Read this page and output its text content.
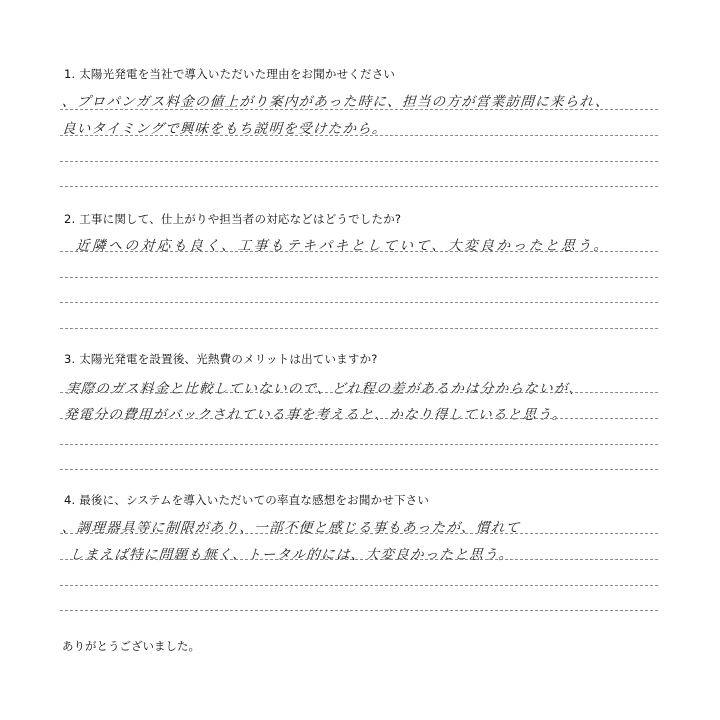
1. 太陽光発電を当社で導入いただいた理由をお聞かせください
、プロパンガス料金の値上がり案内があった時に、担当の方が営業訪問に来られ、
良いタイミングで興味をもち説明を受けたから。
2. 工事に関して、仕上がりや担当者の対応などはどうでしたか?
近隣への対応も良く、工事もテキパキとしていて、大変良かったと思う。
3. 太陽光発電を設置後、光熱費のメリットは出ていますか?
実際のガス料金と比較していないので、どれ程の差があるかは分からないが、
発電分の費用がバックされている事を考えると、かなり得していると思う。
4. 最後に、システムを導入いただいての率直な感想をお聞かせ下さい
、調理器具等に制限があり、一部不便と感じる事もあったが、慣れて
しまえば特に問題も無く、トータル的には、大変良かったと思う。
ありがとうございました。
